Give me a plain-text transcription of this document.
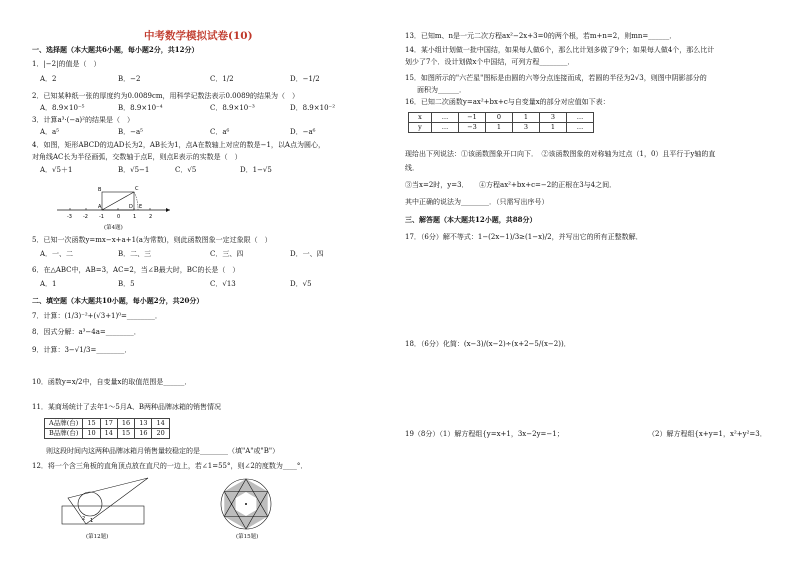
中考数学模拟试卷(10)
一、选择题（本大题共6小题，每小题2分，共12分）
1．|−2|的值是（　）
A．2	B．−2	C．1/2	D．−1/2
2．已知某种纸一张的厚度约为0.0089cm，用科学记数法表示0.0089的结果为（　）
A．8.9×10⁻⁵	B．8.9×10⁻⁴	C．8.9×10⁻³	D．8.9×10⁻²
3．计算a³·(−a)²的结果是（　）
A．a⁵	B．−a⁵	C．a⁶	D．−a⁶
4．如图，矩形ABCD的边AD长为2，AB长为1，点A在数轴上对应的数是−1，以A点为圆心，
对角线AC长为半径画弧，交数轴于点E，则点E表示的实数是（　）
A．√5＋1	B．√5−1	C．√5	D．1−√5
B	C
A	D E
-3 -2 -1	0	1	2
(第4题)
5．已知一次函数y=mx−x+a+1(a为常数)，则此函数图象一定过象限（　）
A．一、二	B．二、三	C．三、四	D．一、四
6．在△ABC中，AB=3，AC=2，当∠B最大时，BC的长是（　）
A．1	B．5	C．√13	D．√5
二、填空题（本大题共10小题，每小题2分，共20分）
7．计算：(1/3)⁻²+(√3+1)⁰=________．
8．因式分解：a³−4a=________．
9．计算：3−√1/3=________．
10．函数y=x/2中，自变量x的取值范围是______．
11．某商场统计了去年1～5月A、B两种品牌冰箱的销售情况
A品牌(台)	15	17	16	13	14
B品牌(台)	10	14	15	16	20
　　则这段时间内这两种品牌冰箱月销售量较稳定的是________（填"A"或"B"）
12．将一个含三角板的直角顶点放在直尺的一边上，若∠1=55°，则∠2的度数为____°．
2 1
(第12题)	(第15题)
13．已知m、n是一元二次方程ax²−2x+3=0的两个根，若m+n=2，则mn=______．
14．某小组计划做一批中国结，如果每人做6个，那么比计划多做了9个；如果每人做4个，那么比计
划少了7个．设计划做x个中国结，可列方程________．
15．如图所示的"六芒星"图标是由圆的六等分点连接而成，若圆的半径为2√3，则图中阴影部分的
面积为______．
16．已知二次函数y=ax²+bx+c与自变量x的部分对应值如下表：
x	…	−1	0	1	3	…
y	…	−3	1	3	1	…
现给出下列说法：①该函数图象开口向下．　②该函数图象的对称轴为过点（1，0）且平行于y轴的直
线．
③当x=2时，y=3．　　④方程ax²+bx+c=−2的正根在3与4之间．
其中正确的说法为________．（只需写出序号）
三、解答题（本大题共12小题，共88分）
17．（6分）解不等式：1−(2x−1)/3≥(1−x)/2，并写出它的所有正整数解．
18．（6分）化简：(x−3)/(x−2)÷(x+2−5/(x−2))．
19（8分）（1）解方程组{y=x+1，3x−2y=−1；	（2）解方程组{x+y=1，x²+y²=3．
